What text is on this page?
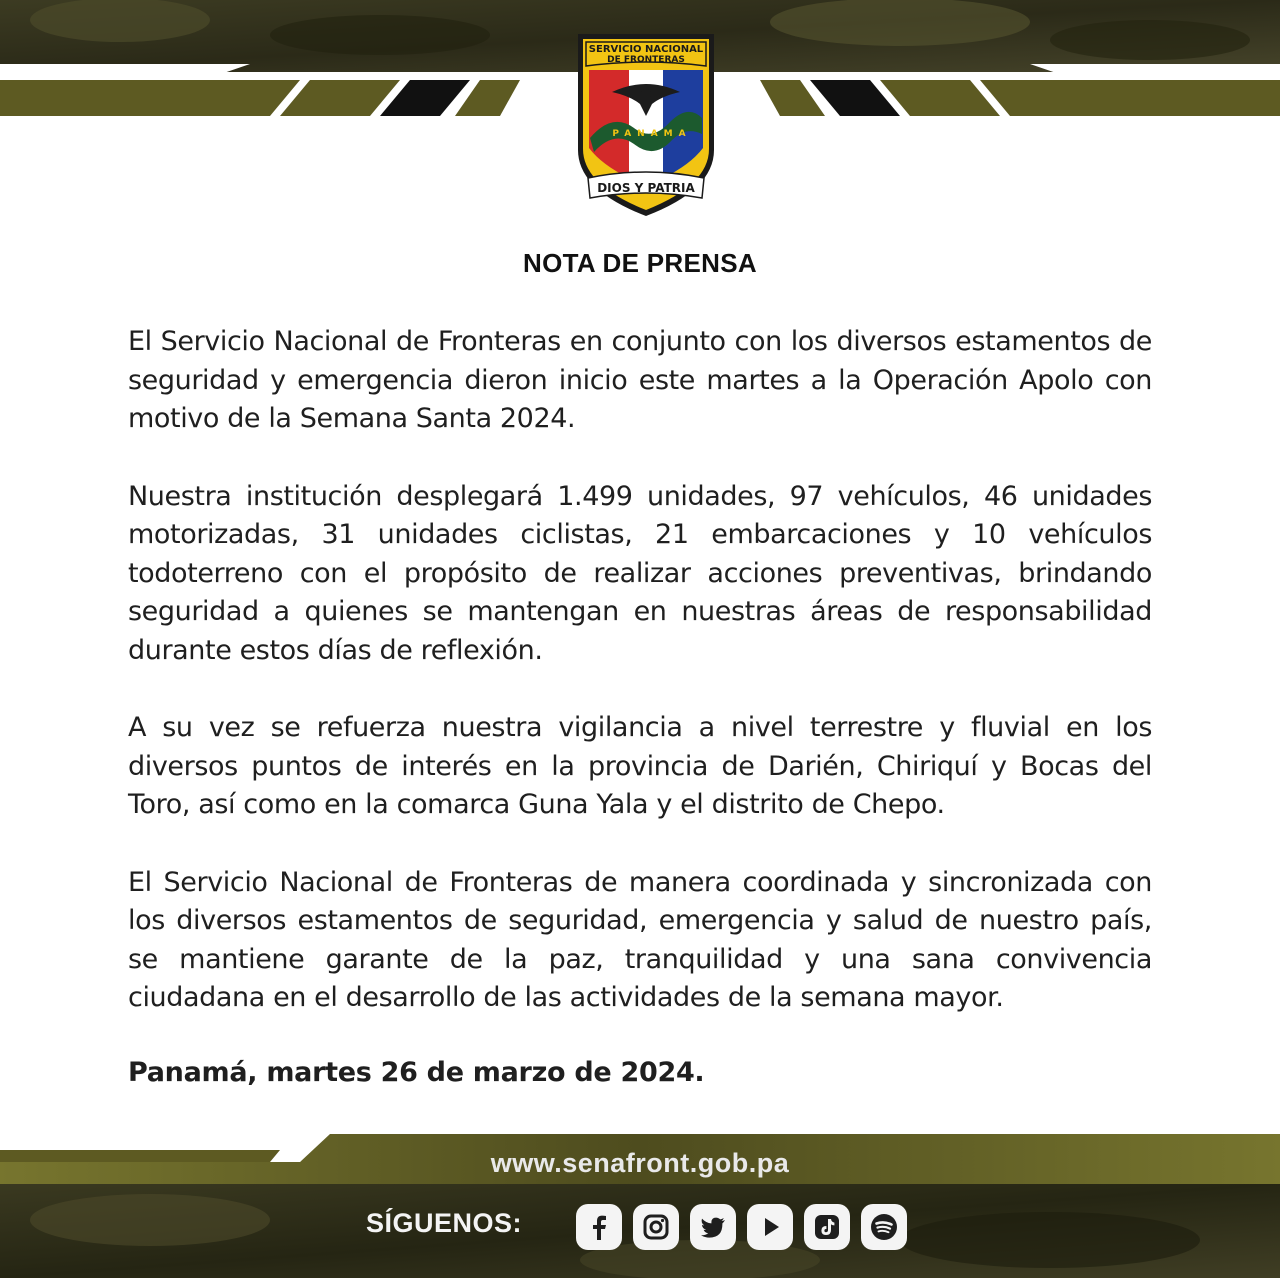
SERVICIO NACIONAL
DE FRONTERAS
PANAMA
DIOS Y PATRIA
NOTA DE PRENSA

El Servicio Nacional de Fronteras en conjunto con los diversos estamentos de seguridad y emergencia dieron inicio este martes a la Operación Apolo con motivo de la Semana Santa 2024.

Nuestra institución desplegará 1.499 unidades, 97 vehículos, 46 unidades motorizadas, 31 unidades ciclistas, 21 embarcaciones y 10 vehículos todoterreno con el propósito de realizar acciones preventivas, brindando seguridad a quienes se mantengan en nuestras áreas de responsabilidad durante estos días de reflexión.

A su vez se refuerza nuestra vigilancia a nivel terrestre y fluvial en los diversos puntos de interés en la provincia de Darién, Chiriquí y Bocas del Toro, así como en la comarca Guna Yala y el distrito de Chepo.

El Servicio Nacional de Fronteras de manera coordinada y sincronizada con los diversos estamentos de seguridad, emergencia y salud de nuestro país, se mantiene garante de la paz, tranquilidad y una sana convivencia ciudadana en el desarrollo de las actividades de la semana mayor.

Panamá, martes 26 de marzo de 2024.

www.senafront.gob.pa
SÍGUENOS:
